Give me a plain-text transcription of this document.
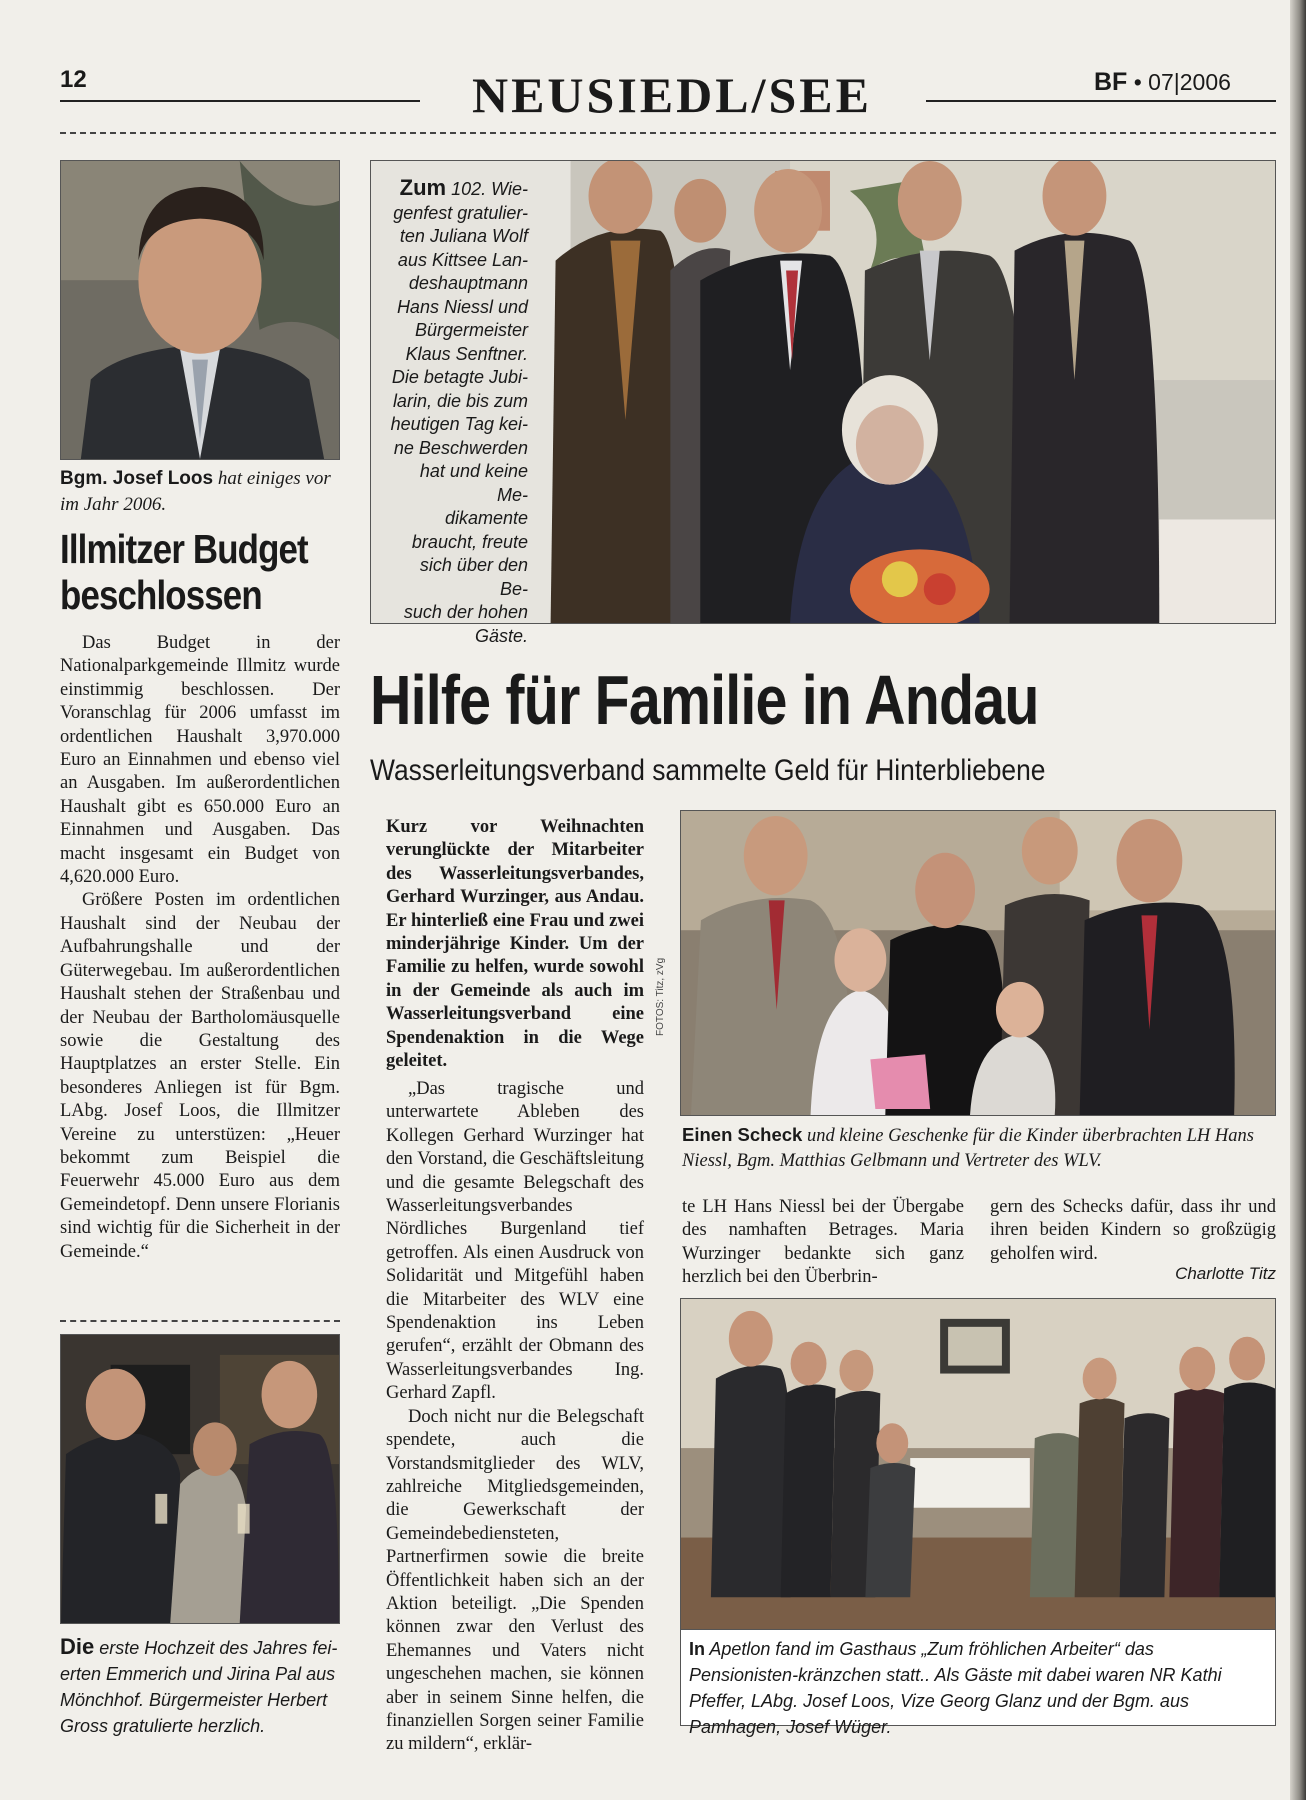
12	NEUSIEDL/SEE	BF • 07|2006
Bgm. Josef Loos hat einiges vor im Jahr 2006.
Illmitzer Budget beschlossen

Das Budget in der Nationalparkgemeinde Illmitz wurde einstimmig beschlossen. Der Voranschlag für 2006 umfasst im ordentlichen Haushalt 3,970.000 Euro an Einnahmen und ebenso viel an Ausgaben. Im außerordentlichen Haushalt gibt es 650.000 Euro an Einnahmen und Ausgaben. Das macht insgesamt ein Budget von 4,620.000 Euro.

Größere Posten im ordentlichen Haushalt sind der Neubau der Aufbahrungshalle und der Güterwegebau. Im außerordentlichen Haushalt stehen der Straßenbau und der Neubau der Bartholomäusquelle sowie die Gestaltung des Hauptplatzes an erster Stelle. Ein besonderes Anliegen ist für Bgm. LAbg. Josef Loos, die Illmitzer Vereine zu unterstüzen: „Heuer bekommt zum Beispiel die Feuerwehr 45.000 Euro aus dem Gemeindetopf. Denn unsere Florianis sind wichtig für die Sicherheit in der Gemeinde.“

Die erste Hochzeit des Jahres fei-erten Emmerich und Jirina Pal aus Mönchhof. Bürgermeister Herbert Gross gratulierte herzlich.
Zum 102. Wie-
genfest gratulier-
ten Juliana Wolf
aus Kittsee Lan-
deshauptmann
Hans Niessl und
Bürgermeister
Klaus Senftner.
Die betagte Jubi-
larin, die bis zum
heutigen Tag kei-
ne Beschwerden
hat und keine Me-
dikamente
braucht, freute
sich über den Be-
such der hohen
Gäste.
Hilfe für Familie in Andau
Wasserleitungsverband sammelte Geld für Hinterbliebene
Kurz vor Weihnachten verunglückte der Mitarbeiter des Wasserleitungsverbandes, Gerhard Wurzinger, aus Andau. Er hinterließ eine Frau und zwei minderjährige Kinder. Um der Familie zu helfen, wurde sowohl in der Gemeinde als auch im Wasserleitungsverband eine Spendenaktion in die Wege geleitet.

„Das tragische und unterwartete Ableben des Kollegen Gerhard Wurzinger hat den Vorstand, die Geschäftsleitung und die gesamte Belegschaft des Wasserleitungsverbandes Nördliches Burgenland tief getroffen. Als einen Ausdruck von Solidarität und Mitgefühl haben die Mitarbeiter des WLV eine Spendenaktion ins Leben gerufen“, erzählt der Obmann des Wasserleitungsverbandes Ing. Gerhard Zapfl.

Doch nicht nur die Belegschaft spendete, auch die Vorstandsmitglieder des WLV, zahlreiche Mitgliedsgemeinden, die Gewerkschaft der Gemeindebediensteten, Partnerfirmen sowie die breite Öffentlichkeit haben sich an der Aktion beteiligt. „Die Spenden können zwar den Verlust des Ehemannes und Vaters nicht ungeschehen machen, sie können aber in seinem Sinne helfen, die finanziellen Sorgen seiner Familie zu mildern“, erklär-

FOTOS: Titz, zVg
Einen Scheck und kleine Geschenke für die Kinder überbrachten LH Hans Niessl, Bgm. Matthias Gelbmann und Vertreter des WLV.

te LH Hans Niessl bei der Übergabe des namhaften Betrages. Maria Wurzinger bedankte sich ganz herzlich bei den Überbrin-

gern des Schecks dafür, dass ihr und ihren beiden Kindern so großzügig geholfen wird.

Charlotte Titz
In Apetlon fand im Gasthaus „Zum fröhlichen Arbeiter“ das Pensionisten-kränzchen statt.. Als Gäste mit dabei waren NR Kathi Pfeffer, LAbg. Josef Loos, Vize Georg Glanz und der Bgm. aus Pamhagen, Josef Wüger.
